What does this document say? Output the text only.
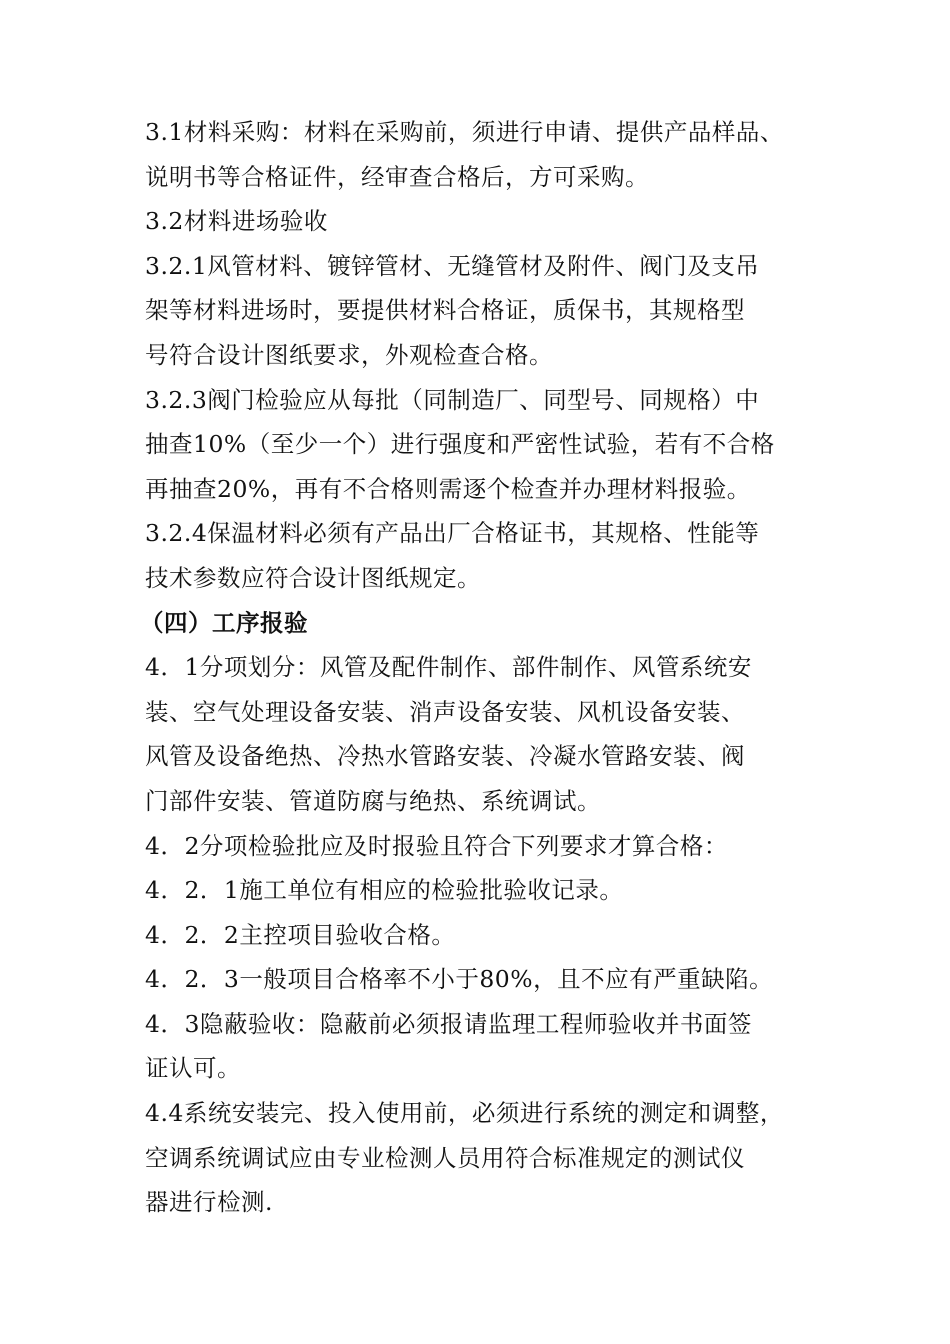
3.1材料采购：材料在采购前，须进行申请、提供产品样品、
说明书等合格证件，经审查合格后，方可采购。
3.2材料进场验收
3.2.1风管材料、镀锌管材、无缝管材及附件、阀门及支吊
架等材料进场时，要提供材料合格证，质保书，其规格型
号符合设计图纸要求，外观检查合格。
3.2.3阀门检验应从每批（同制造厂、同型号、同规格）中
抽查10%（至少一个）进行强度和严密性试验，若有不合格
再抽查20%，再有不合格则需逐个检查并办理材料报验。
3.2.4保温材料必须有产品出厂合格证书，其规格、性能等
技术参数应符合设计图纸规定。
（四）工序报验
4．1分项划分：风管及配件制作、部件制作、风管系统安
装、空气处理设备安装、消声设备安装、风机设备安装、
风管及设备绝热、冷热水管路安装、冷凝水管路安装、阀
门部件安装、管道防腐与绝热、系统调试。
4．2分项检验批应及时报验且符合下列要求才算合格：
4．2．1施工单位有相应的检验批验收记录。
4．2．2主控项目验收合格。
4．2．3一般项目合格率不小于80%，且不应有严重缺陷。
4．3隐蔽验收：隐蔽前必须报请监理工程师验收并书面签
证认可。
4.4系统安装完、投入使用前，必须进行系统的测定和调整，
空调系统调试应由专业检测人员用符合标准规定的测试仪
器进行检测.
